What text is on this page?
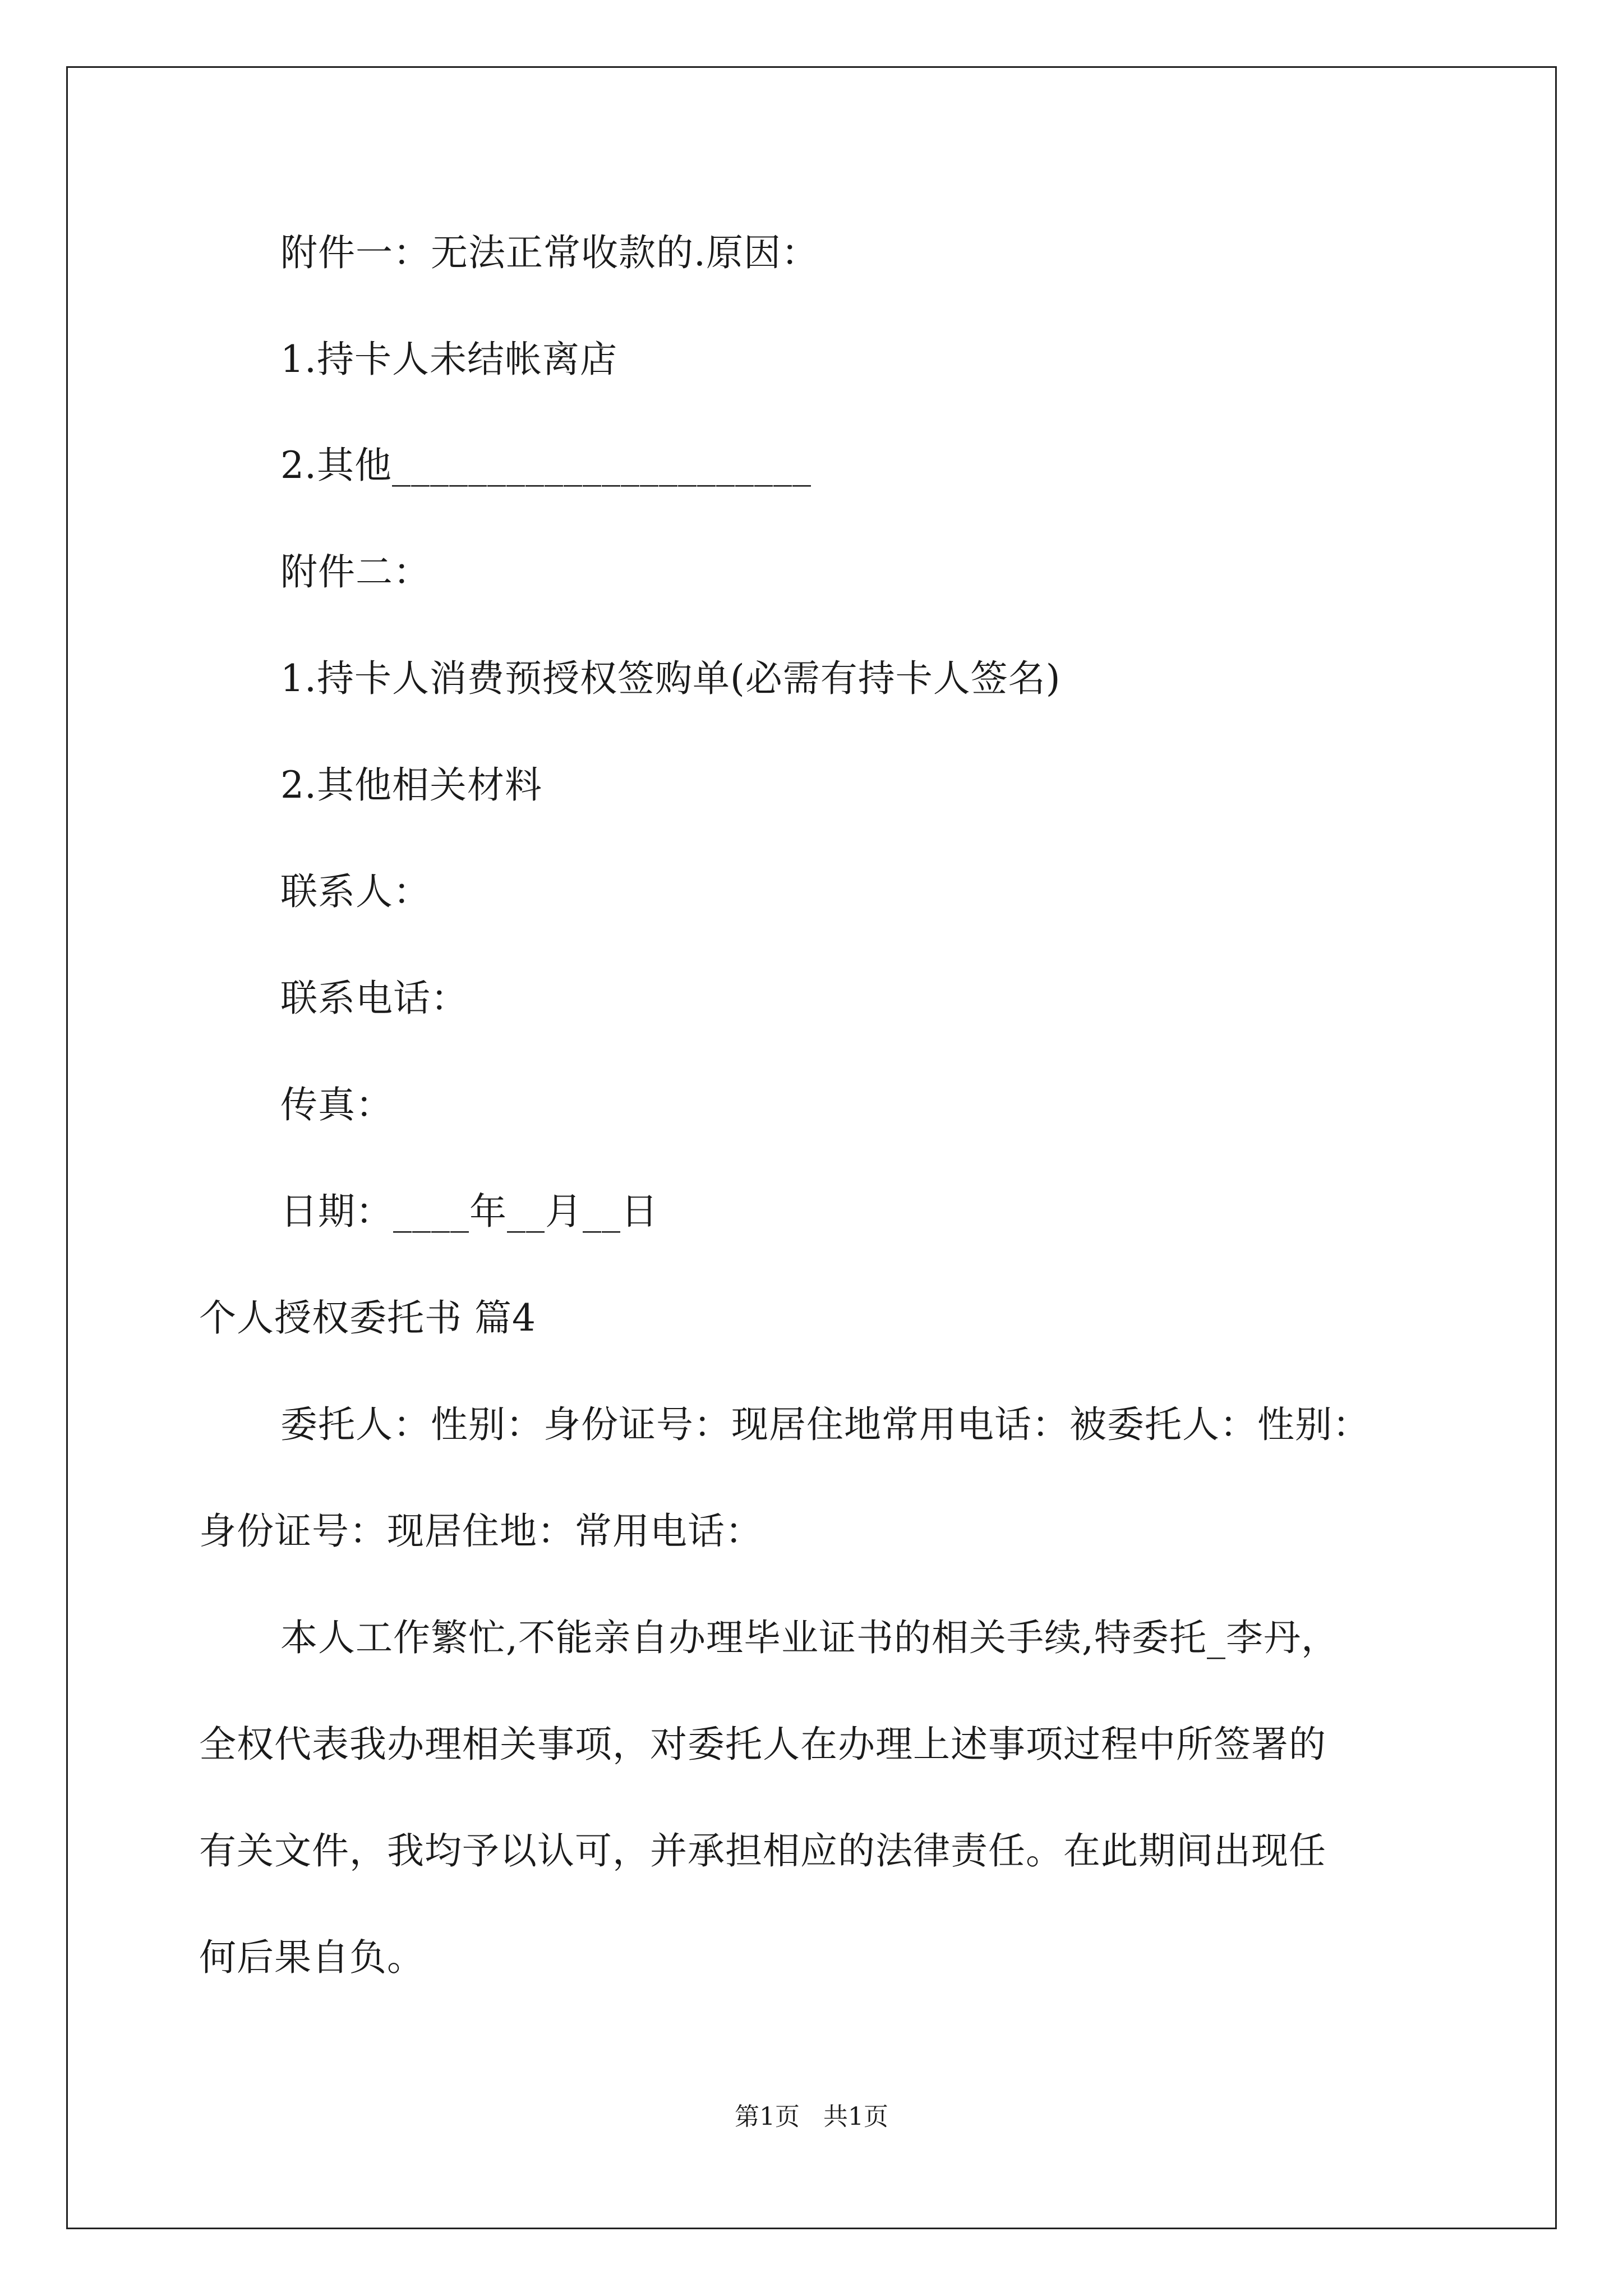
附件一：无法正常收款的.原因：
1.持卡人未结帐离店
2.其他______________________
附件二：
1.持卡人消费预授权签购单(必需有持卡人签名)
2.其他相关材料
联系人：
联系电话：
传真：
日期：____年__月__日
个人授权委托书 篇4
委托人：性别：身份证号：现居住地常用电话：被委托人：性别：
身份证号：现居住地：常用电话：
本人工作繁忙,不能亲自办理毕业证书的相关手续,特委托_李丹，
全权代表我办理相关事项，对委托人在办理上述事项过程中所签署的
有关文件，我均予以认可，并承担相应的法律责任。在此期间出现任
何后果自负。
第1页   共1页
